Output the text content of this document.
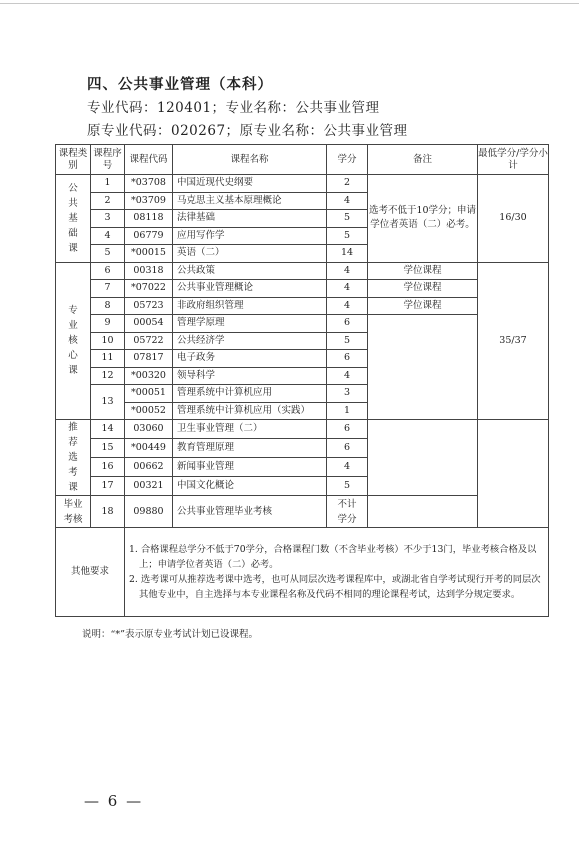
四、公共事业管理（本科）
专业代码：120401；专业名称：公共事业管理
原专业代码：020267；原专业名称：公共事业管理
课程类别	课程序号	课程代码	课程名称	学分	备注	最低学分/学分小计
公共基础课	1	*03708	中国近现代史纲要	2	选考不低于10学分；申请学位者英语（二）必考。	16/30
	2	*03709	马克思主义基本原理概论	4		
	3	08118	法律基础	5		
	4	06779	应用写作学	5		
	5	*00015	英语（二）	14		
专业核心课	6	00318	公共政策	4	学位课程	35/37
	7	*07022	公共事业管理概论	4	学位课程	
	8	05723	非政府组织管理	4	学位课程	
	9	00054	管理学原理	6		
	10	05722	公共经济学	5		
	11	07817	电子政务	6		
	12	*00320	领导科学	4		
	13	*00051	管理系统中计算机应用	3		
		*00052	管理系统中计算机应用（实践）	1		
推荐选考课	14	03060	卫生事业管理（二）	6		
	15	*00449	教育管理原理	6		
	16	00662	新闻事业管理	4		
	17	00321	中国文化概论	5		
毕业考核	18	09880	公共事业管理毕业考核	不计学分		
其他要求		1. 合格课程总学分不低于70学分，合格课程门数（不含毕业考核）不少于13门，毕业考核合格及以上；申请学位者英语（二）必考。

2. 选考课可从推荐选考课中选考，也可从同层次选考课程库中，或湖北省自学考试现行开考的同层次其他专业中，自主选择与本专业课程名称及代码不相同的理论课程考试，达到学分规定要求。				

说明：“*”表示原专业考试计划已设课程。
— 6 —
